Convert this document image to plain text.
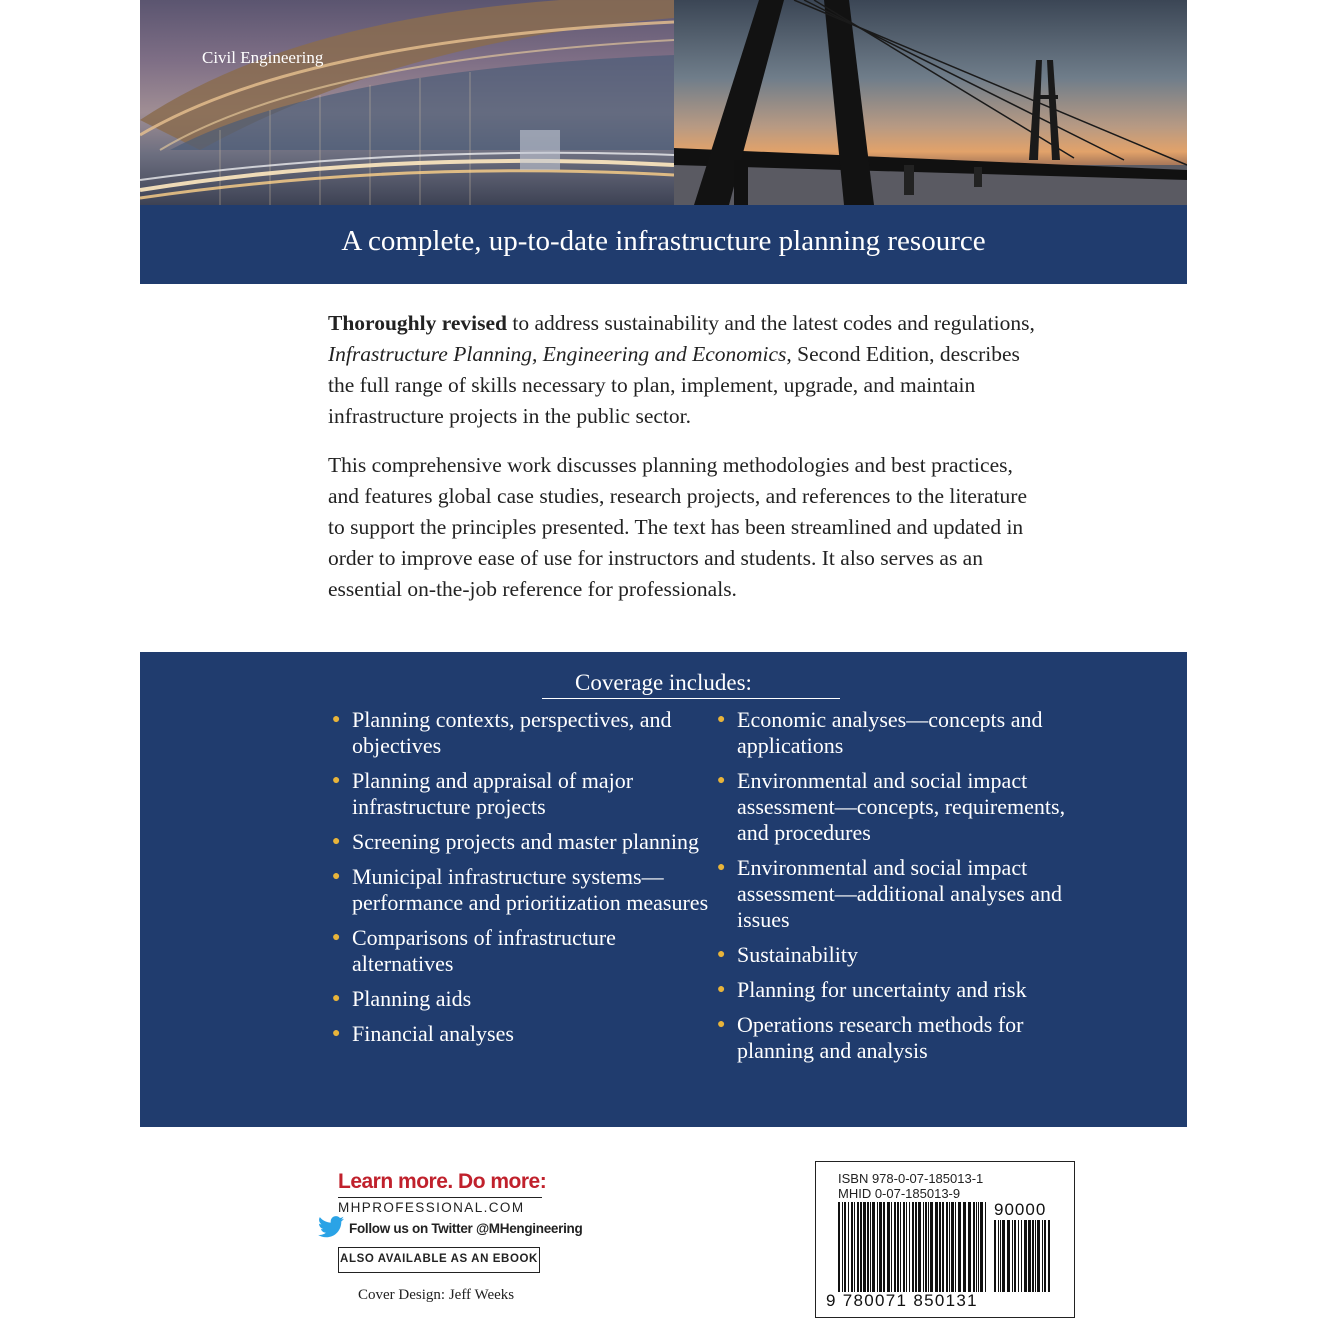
Civil Engineering
A complete, up-to-date infrastructure planning resource
Thoroughly revised to address sustainability and the latest codes and regulations, Infrastructure Planning, Engineering and Economics, Second Edition, describes the full range of skills necessary to plan, implement, upgrade, and maintain infrastructure projects in the public sector.
This comprehensive work discusses planning methodologies and best practices, and features global case studies, research projects, and references to the literature to support the principles presented. The text has been streamlined and updated in order to improve ease of use for instructors and students. It also serves as an essential on-the-job reference for professionals.
Coverage includes:
● Planning contexts, perspectives, and objectives
● Planning and appraisal of major infrastructure projects
● Screening projects and master planning
● Municipal infrastructure systems—performance and prioritization measures
● Comparisons of infrastructure alternatives
● Planning aids
● Financial analyses
● Economic analyses—concepts and applications
● Environmental and social impact assessment—concepts, requirements, and procedures
● Environmental and social impact assessment—additional analyses and issues
● Sustainability
● Planning for uncertainty and risk
● Operations research methods for planning and analysis
Learn more. Do more:
MHPROFESSIONAL.COM
Follow us on Twitter @MHengineering
ALSO AVAILABLE AS AN EBOOK
Cover Design: Jeff Weeks
ISBN 978-0-07-185013-1
MHID 0-07-185013-9
90000
9 780071 850131
